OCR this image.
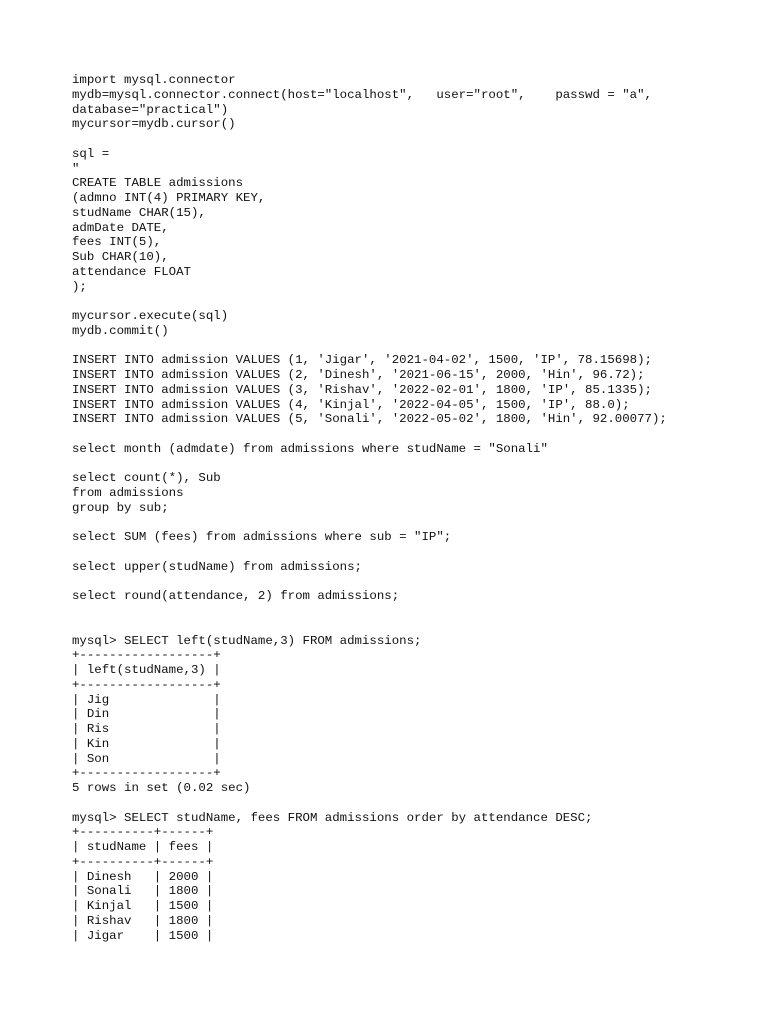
import mysql.connector
mydb=mysql.connector.connect(host="localhost",   user="root",    passwd = "a",
database="practical")
mycursor=mydb.cursor()
sql =
"
CREATE TABLE admissions
(admno INT(4) PRIMARY KEY,
studName CHAR(15),
admDate DATE,
fees INT(5),
Sub CHAR(10),
attendance FLOAT
);
mycursor.execute(sql)
mydb.commit()
INSERT INTO admission VALUES (1, 'Jigar', '2021-04-02', 1500, 'IP', 78.15698);
INSERT INTO admission VALUES (2, 'Dinesh', '2021-06-15', 2000, 'Hin', 96.72);
INSERT INTO admission VALUES (3, 'Rishav', '2022-02-01', 1800, 'IP', 85.1335);
INSERT INTO admission VALUES (4, 'Kinjal', '2022-04-05', 1500, 'IP', 88.0);
INSERT INTO admission VALUES (5, 'Sonali', '2022-05-02', 1800, 'Hin', 92.00077);
select month (admdate) from admissions where studName = "Sonali"
select count(*), Sub
from admissions
group by sub;
select SUM (fees) from admissions where sub = "IP";
select upper(studName) from admissions;
select round(attendance, 2) from admissions;
mysql> SELECT left(studName,3) FROM admissions;
+------------------+
| left(studName,3) |
+------------------+
| Jig              |
| Din              |
| Ris              |
| Kin              |
| Son              |
+------------------+
5 rows in set (0.02 sec)
mysql> SELECT studName, fees FROM admissions order by attendance DESC;
+----------+------+
| studName | fees |
+----------+------+
| Dinesh   | 2000 |
| Sonali   | 1800 |
| Kinjal   | 1500 |
| Rishav   | 1800 |
| Jigar    | 1500 |
